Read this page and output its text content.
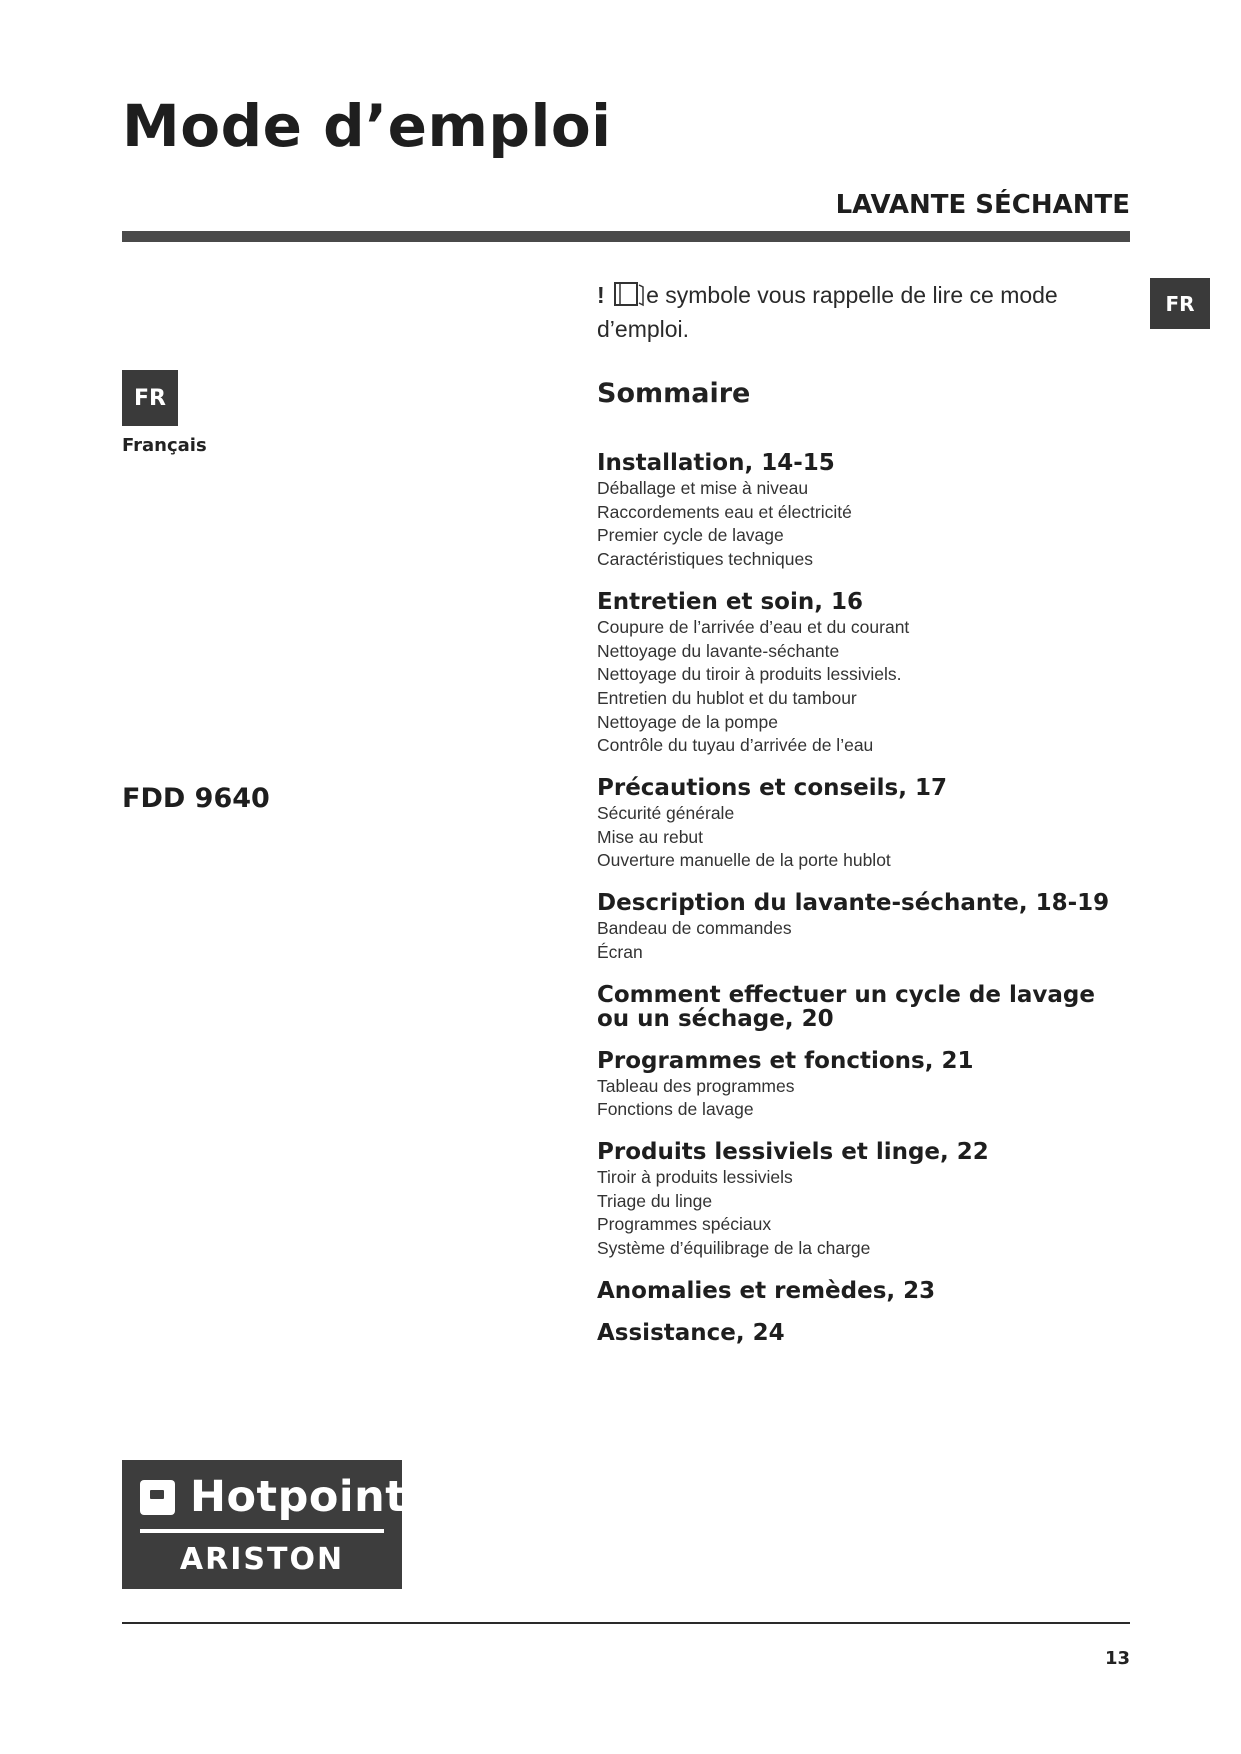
Mode d’emploi
LAVANTE SÉCHANTE
FR
FR
Français
FDD 9640
! e symbole vous rappelle de lire ce mode d’emploi.
Sommaire
Installation, 14-15
Déballage et mise à niveau
Raccordements eau et électricité
Premier cycle de lavage
Caractéristiques techniques
Entretien et soin, 16
Coupure de l’arrivée d’eau et du courant
Nettoyage du lavante-séchante
Nettoyage du tiroir à produits lessiviels.
Entretien du hublot et du tambour
Nettoyage de la pompe
Contrôle du tuyau d’arrivée de l’eau
Précautions et conseils, 17
Sécurité générale
Mise au rebut
Ouverture manuelle de la porte hublot
Description du lavante-séchante, 18-19
Bandeau de commandes
Écran
Comment effectuer un cycle de lavage ou un séchage, 20
Programmes et fonctions, 21
Tableau des programmes
Fonctions de lavage
Produits lessiviels et linge, 22
Tiroir à produits lessiviels
Triage du linge
Programmes spéciaux
Système d’équilibrage de la charge
Anomalies et remèdes, 23
Assistance, 24
Hotpoint
ARISTON
13
